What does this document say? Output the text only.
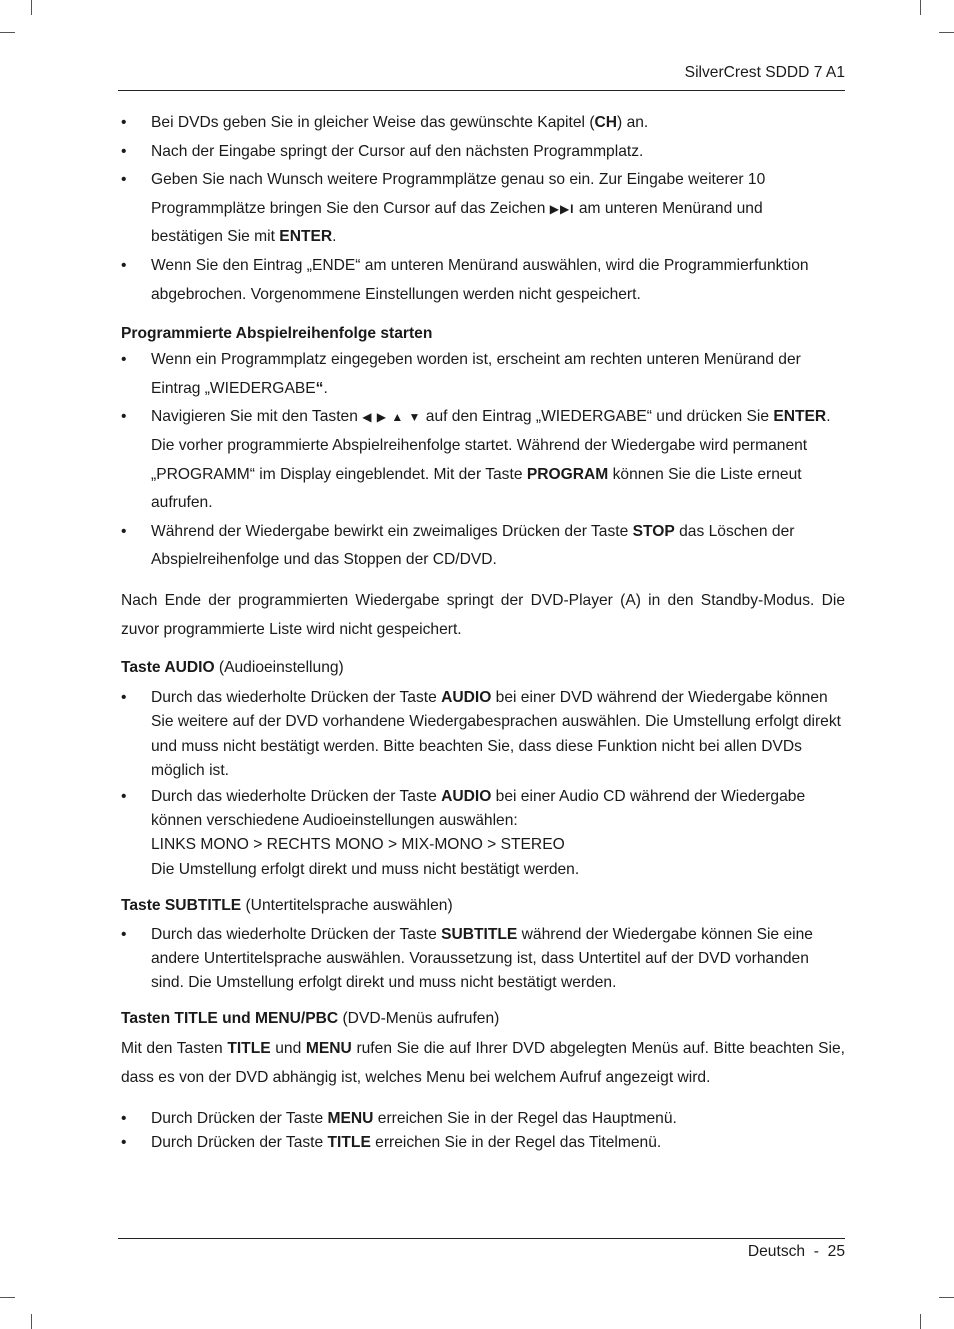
SilverCrest SDDD 7 A1
• Bei DVDs geben Sie in gleicher Weise das gewünschte Kapitel (CH) an.
• Nach der Eingabe springt der Cursor auf den nächsten Programmplatz.
• Geben Sie nach Wunsch weitere Programmplätze genau so ein. Zur Eingabe weiterer 10
Programmplätze bringen Sie den Cursor auf das Zeichen ▶▶I am unteren Menürand und
bestätigen Sie mit ENTER.
• Wenn Sie den Eintrag „ENDE“ am unteren Menürand auswählen, wird die Programmierfunktion abgebrochen. Vorgenommene Einstellungen werden nicht gespeichert.
Programmierte Abspielreihenfolge starten
• Wenn ein Programmplatz eingegeben worden ist, erscheint am rechten unteren Menürand der Eintrag „WIEDERGABE“.
• Navigieren Sie mit den Tasten ◀ ▶ ▲ ▼ auf den Eintrag „WIEDERGABE“ und drücken Sie ENTER. Die vorher programmierte Abspielreihenfolge startet. Während der Wiedergabe wird permanent „PROGRAMM“ im Display eingeblendet. Mit der Taste PROGRAM können Sie die Liste erneut aufrufen.
• Während der Wiedergabe bewirkt ein zweimaliges Drücken der Taste STOP das Löschen der Abspielreihenfolge und das Stoppen der CD/DVD.

Nach Ende der programmierten Wiedergabe springt der DVD-Player (A) in den Standby-Modus. Die zuvor programmierte Liste wird nicht gespeichert.

Taste AUDIO (Audioeinstellung)
• Durch das wiederholte Drücken der Taste AUDIO bei einer DVD während der Wiedergabe können Sie weitere auf der DVD vorhandene Wiedergabesprachen auswählen. Die Umstellung erfolgt direkt und muss nicht bestätigt werden. Bitte beachten Sie, dass diese Funktion nicht bei allen DVDs möglich ist.
• Durch das wiederholte Drücken der Taste AUDIO bei einer Audio CD während der Wiedergabe können verschiedene Audioeinstellungen auswählen:
LINKS MONO > RECHTS MONO > MIX-MONO > STEREO
Die Umstellung erfolgt direkt und muss nicht bestätigt werden.
Taste SUBTITLE (Untertitelsprache auswählen)
• Durch das wiederholte Drücken der Taste SUBTITLE während der Wiedergabe können Sie eine andere Untertitelsprache auswählen. Voraussetzung ist, dass Untertitel auf der DVD vorhanden sind. Die Umstellung erfolgt direkt und muss nicht bestätigt werden.
Tasten TITLE und MENU/PBC (DVD-Menüs aufrufen)

Mit den Tasten TITLE und MENU rufen Sie die auf Ihrer DVD abgelegten Menüs auf. Bitte beachten Sie, dass es von der DVD abhängig ist, welches Menu bei welchem Aufruf angezeigt wird.

• Durch Drücken der Taste MENU erreichen Sie in der Regel das Hauptmenü.
• Durch Drücken der Taste TITLE erreichen Sie in der Regel das Titelmenü.
Deutsch - 25
